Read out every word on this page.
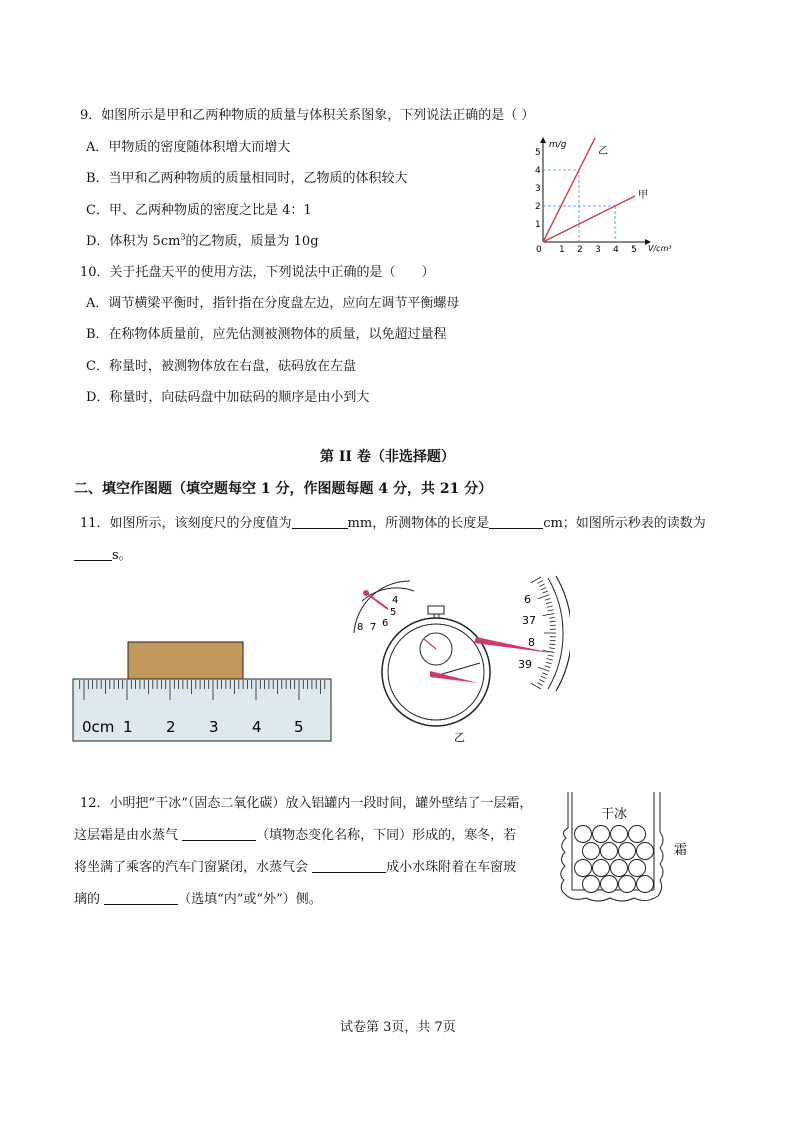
9．如图所示是甲和乙两种物质的质量与体积关系图象，下列说法正确的是（ ）
A．甲物质的密度随体积增大而增大
B．当甲和乙两种物质的质量相同时，乙物质的体积较大
C．甲、乙两种物质的密度之比是 4：1
D．体积为 $5cm^3$的乙物质，质量为 10g
0 1 2 3 4 5
1
2
3
4
5
m/g
V/cm³
乙
甲
10．关于托盘天平的使用方法，下列说法中正确的是（　　）
A．调节横梁平衡时，指针指在分度盘左边，应向左调节平衡螺母
B．在称物体质量前，应先估测被测物体的质量，以免超过量程
C．称量时，被测物体放在右盘，砝码放在左盘
D．称量时，向砝码盘中加砝码的顺序是由小到大
第 II 卷（非选择题）
二、填空作图题（填空题每空 1 分，作图题每题 4 分，共 21 分）
11．如图所示，该刻度尺的分度值为	mm，所测物体的长度是	cm；如图所示秒表的读数为
s。
0cm 1 2 3 4 5
4
5
6
7
8
6
37
8
39
乙
12．小明把“干冰”（固态二氧化碳）放入铝罐内一段时间，罐外壁结了一层霜，
这层霜是由水蒸气	（填物态变化名称，下同）形成的，寒冬，若
将坐满了乘客的汽车门窗紧闭，水蒸气会	成小水珠附着在车窗玻
璃的	（选填“内”或“外”）侧。
干冰
霜
试卷第 3页，共 7页
